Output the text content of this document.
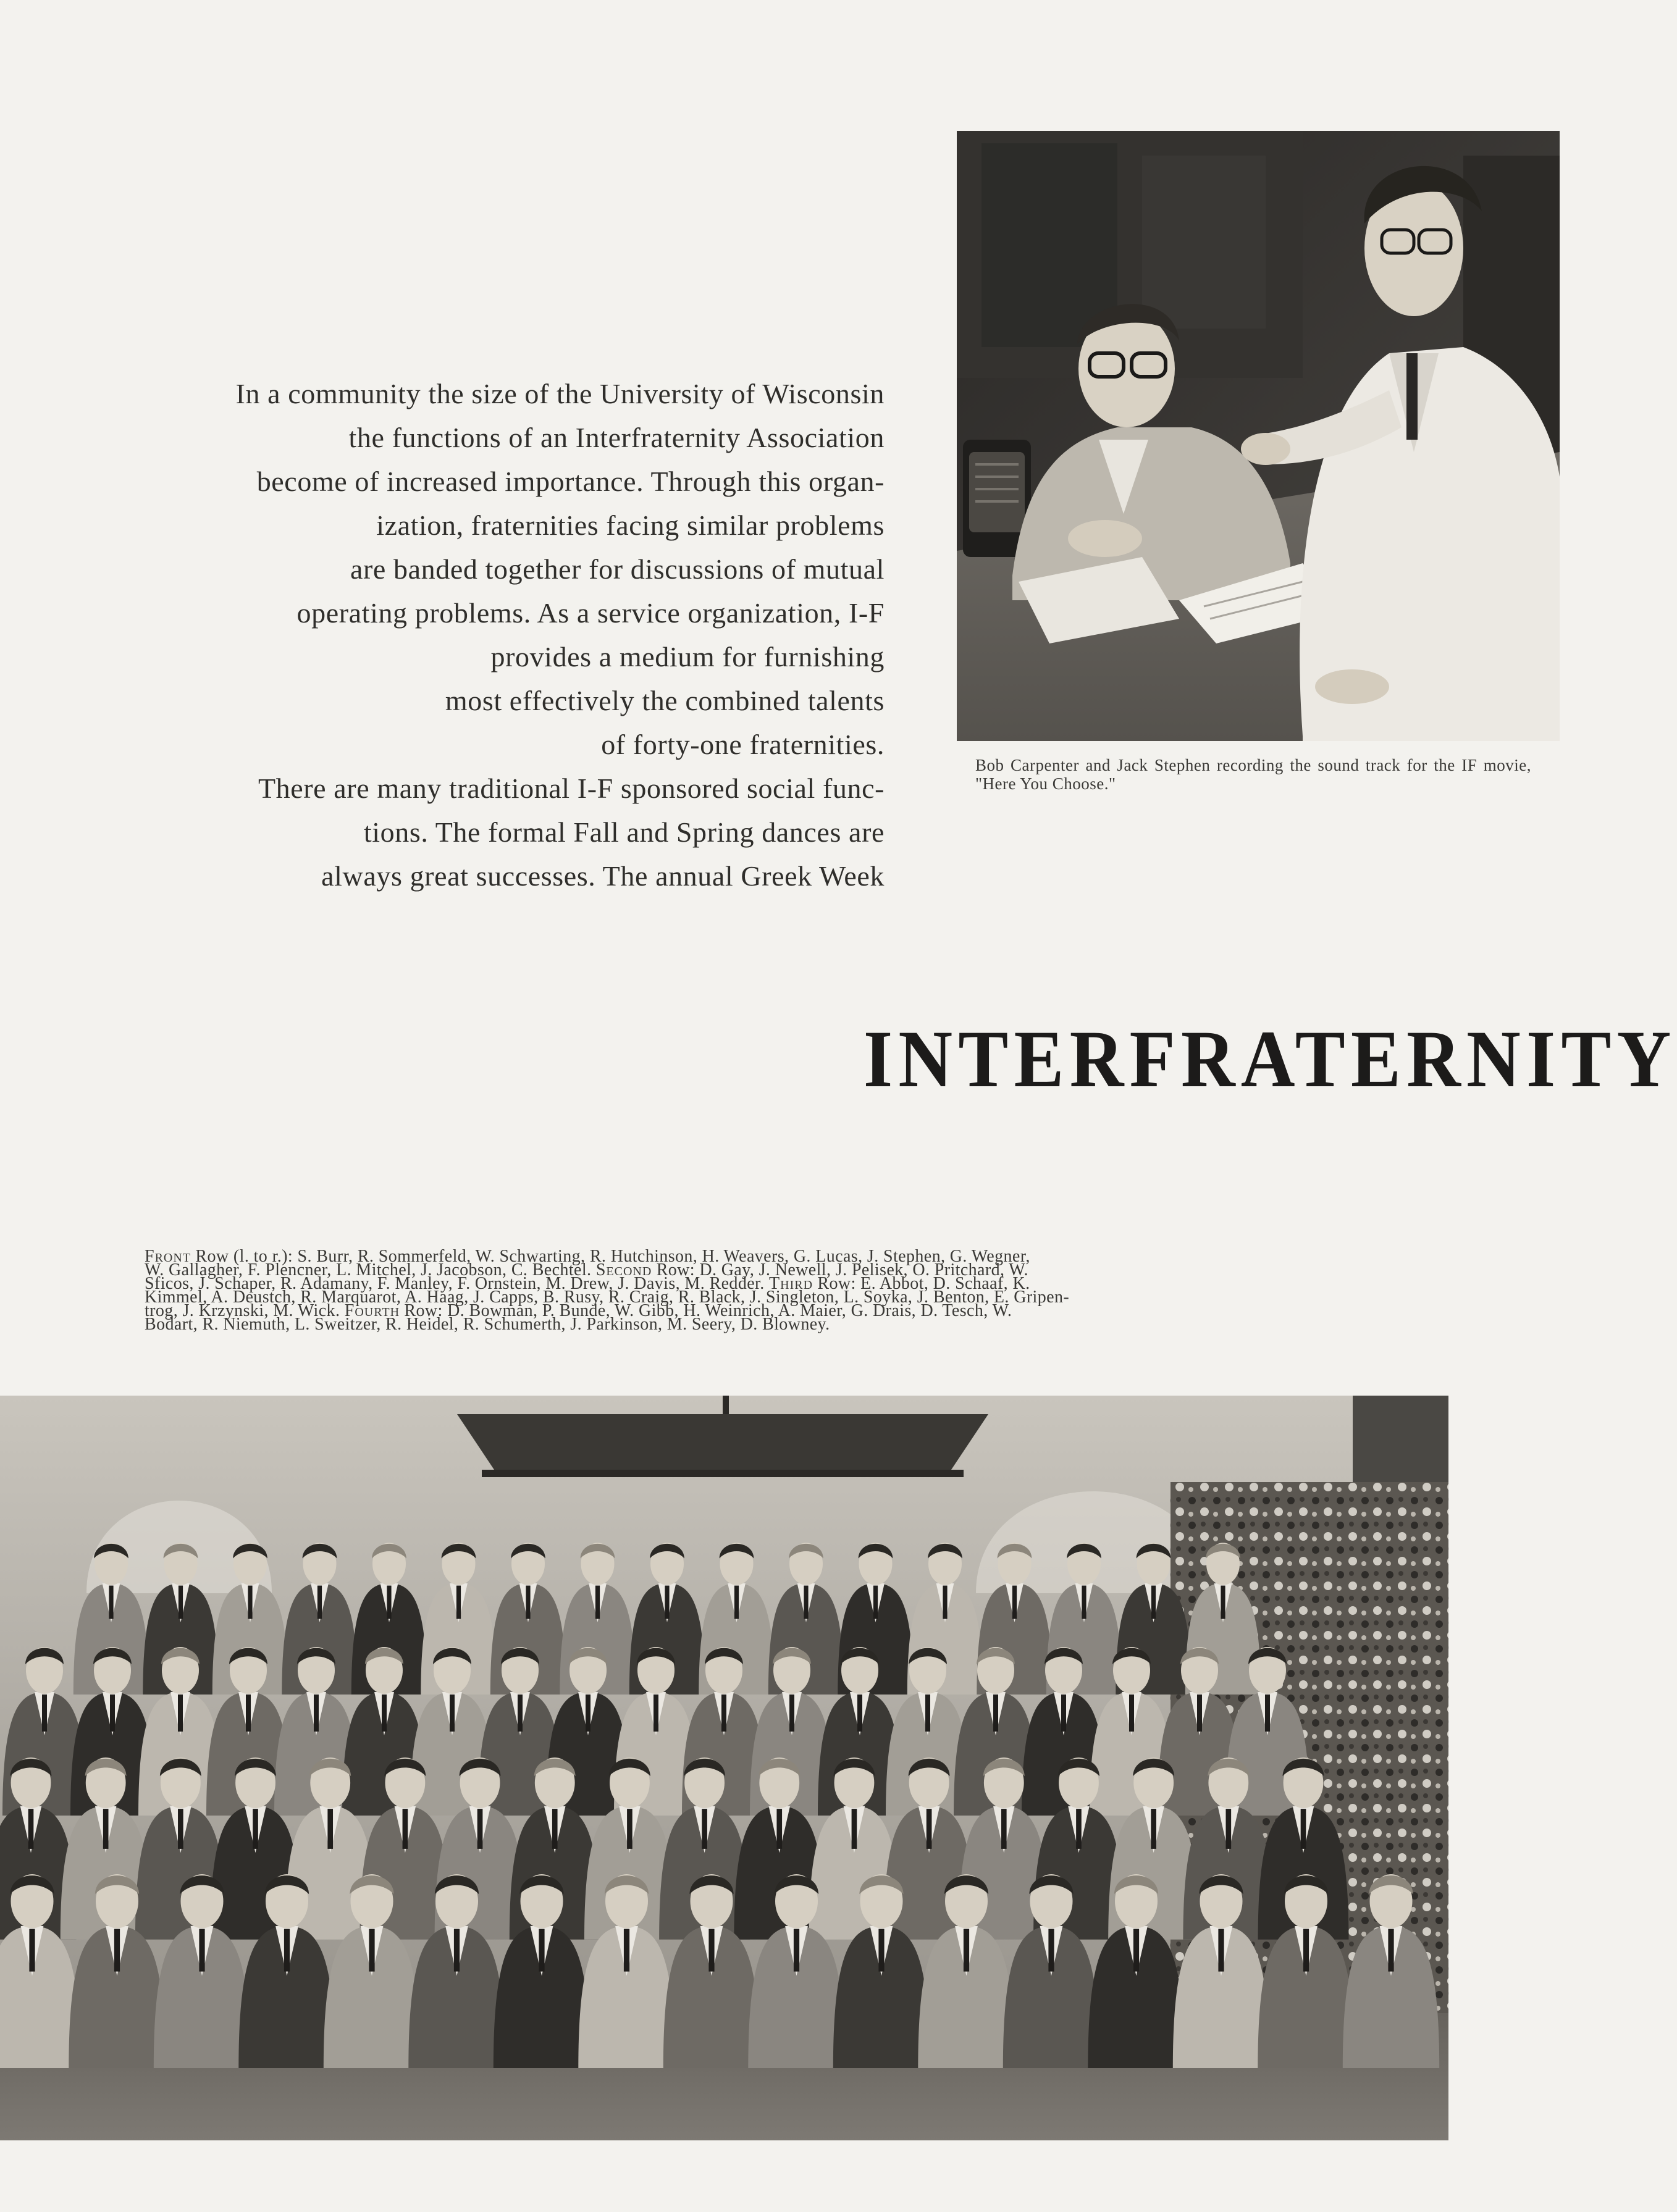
Bob Carpenter and Jack Stephen recording the sound track for the IF movie, "Here You Choose."
In a community the size of the University of Wisconsin
the functions of an Interfraternity Association
become of increased importance. Through this organ-
ization, fraternities facing similar problems
are banded together for discussions of mutual
operating problems. As a service organization, I-F
provides a medium for furnishing
most effectively the combined talents
of forty-one fraternities.
There are many traditional I-F sponsored social func-
tions. The formal Fall and Spring dances are
always great successes. The annual Greek Week
INTERFRATERNITY
Front Row (l. to r.): S. Burr, R. Sommerfeld, W. Schwarting, R. Hutchinson, H. Weavers, G. Lucas, J. Stephen, G. Wegner,
W. Gallagher, F. Plencner, L. Mitchel, J. Jacobson, C. Bechtel. Second Row: D. Gay, J. Newell, J. Pelisek, O. Pritchard, W.
Sficos, J. Schaper, R. Adamany, F. Manley, F. Ornstein, M. Drew, J. Davis, M. Redder. Third Row: E. Abbot, D. Schaaf, K.
Kimmel, A. Deustch, R. Marquarot, A. Haag, J. Capps, B. Rusy, R. Craig, R. Black, J. Singleton, L. Soyka, J. Benton, E. Gripen-
trog, J. Krzynski, M. Wick. Fourth Row: D. Bowman, P. Bunde, W. Gibb, H. Weinrich, A. Maier, G. Drais, D. Tesch, W.
Bodart, R. Niemuth, L. Sweitzer, R. Heidel, R. Schumerth, J. Parkinson, M. Seery, D. Blowney.
